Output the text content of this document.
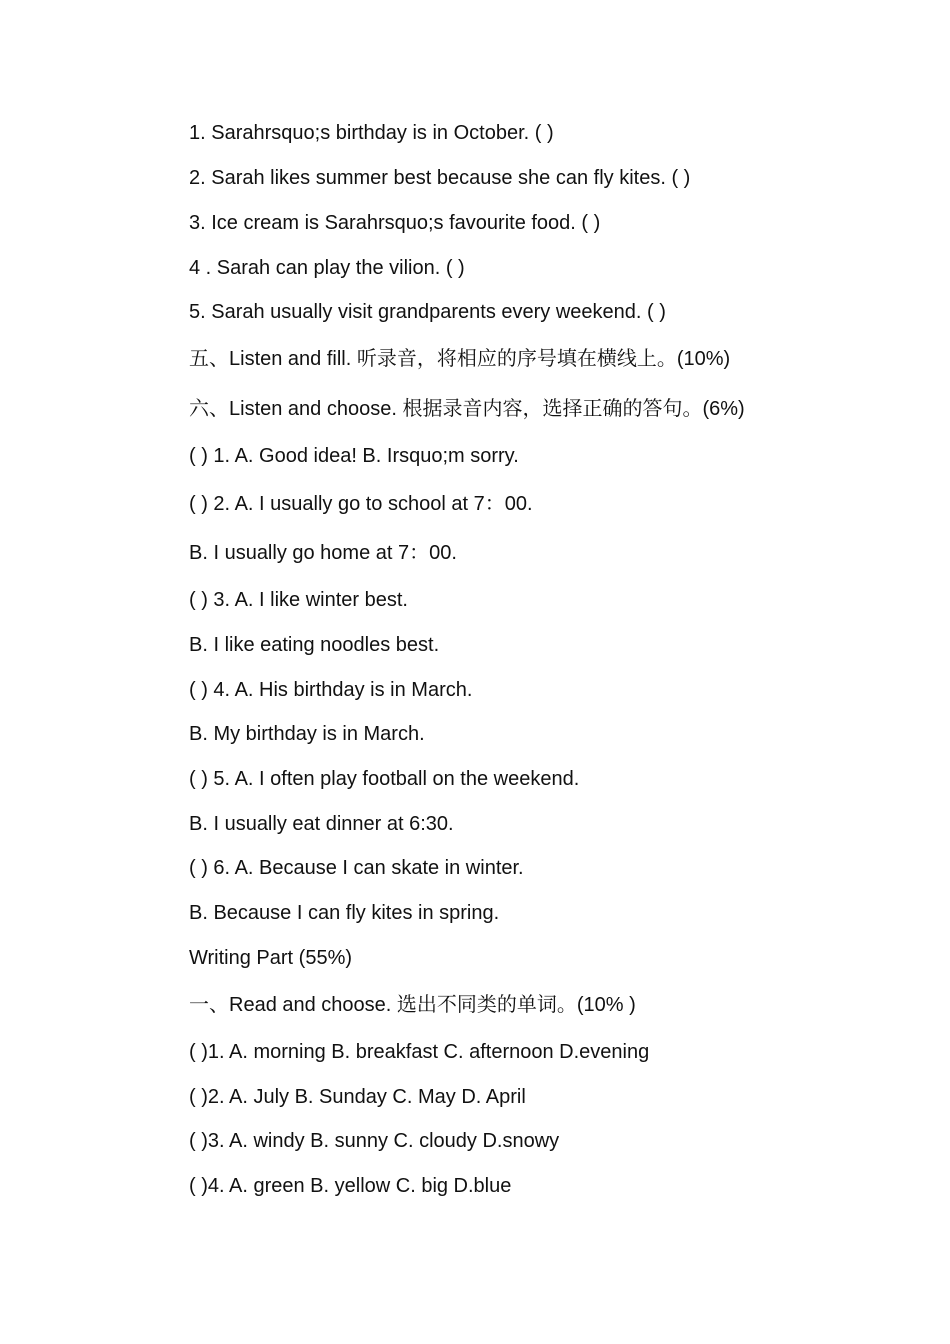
1. Sarahrsquo;s birthday is in October. ( )
2. Sarah likes summer best because she can fly kites. ( )
3. Ice cream is Sarahrsquo;s favourite food. ( )
4 . Sarah can play the vilion. ( )
5. Sarah usually visit grandparents every weekend. ( )
五、Listen and fill. 听录音，将相应的序号填在横线上。(10%)
六、Listen and choose. 根据录音内容，选择正确的答句。(6%)
( ) 1. A. Good idea! B. Irsquo;m sorry.
( ) 2. A. I usually go to school at 7：00.
B. I usually go home at 7：00.
( ) 3. A. I like winter best.
B. I like eating noodles best.
( ) 4. A. His birthday is in March.
B. My birthday is in March.
( ) 5. A. I often play football on the weekend.
B. I usually eat dinner at 6:30.
( ) 6. A. Because I can skate in winter.
B. Because I can fly kites in spring.
Writing Part (55%)
一、Read and choose. 选出不同类的单词。(10% )
( )1. A. morning B. breakfast C. afternoon D.evening
( )2. A. July B. Sunday C. May D. April
( )3. A. windy B. sunny C. cloudy D.snowy
( )4. A. green B. yellow C. big D.blue
